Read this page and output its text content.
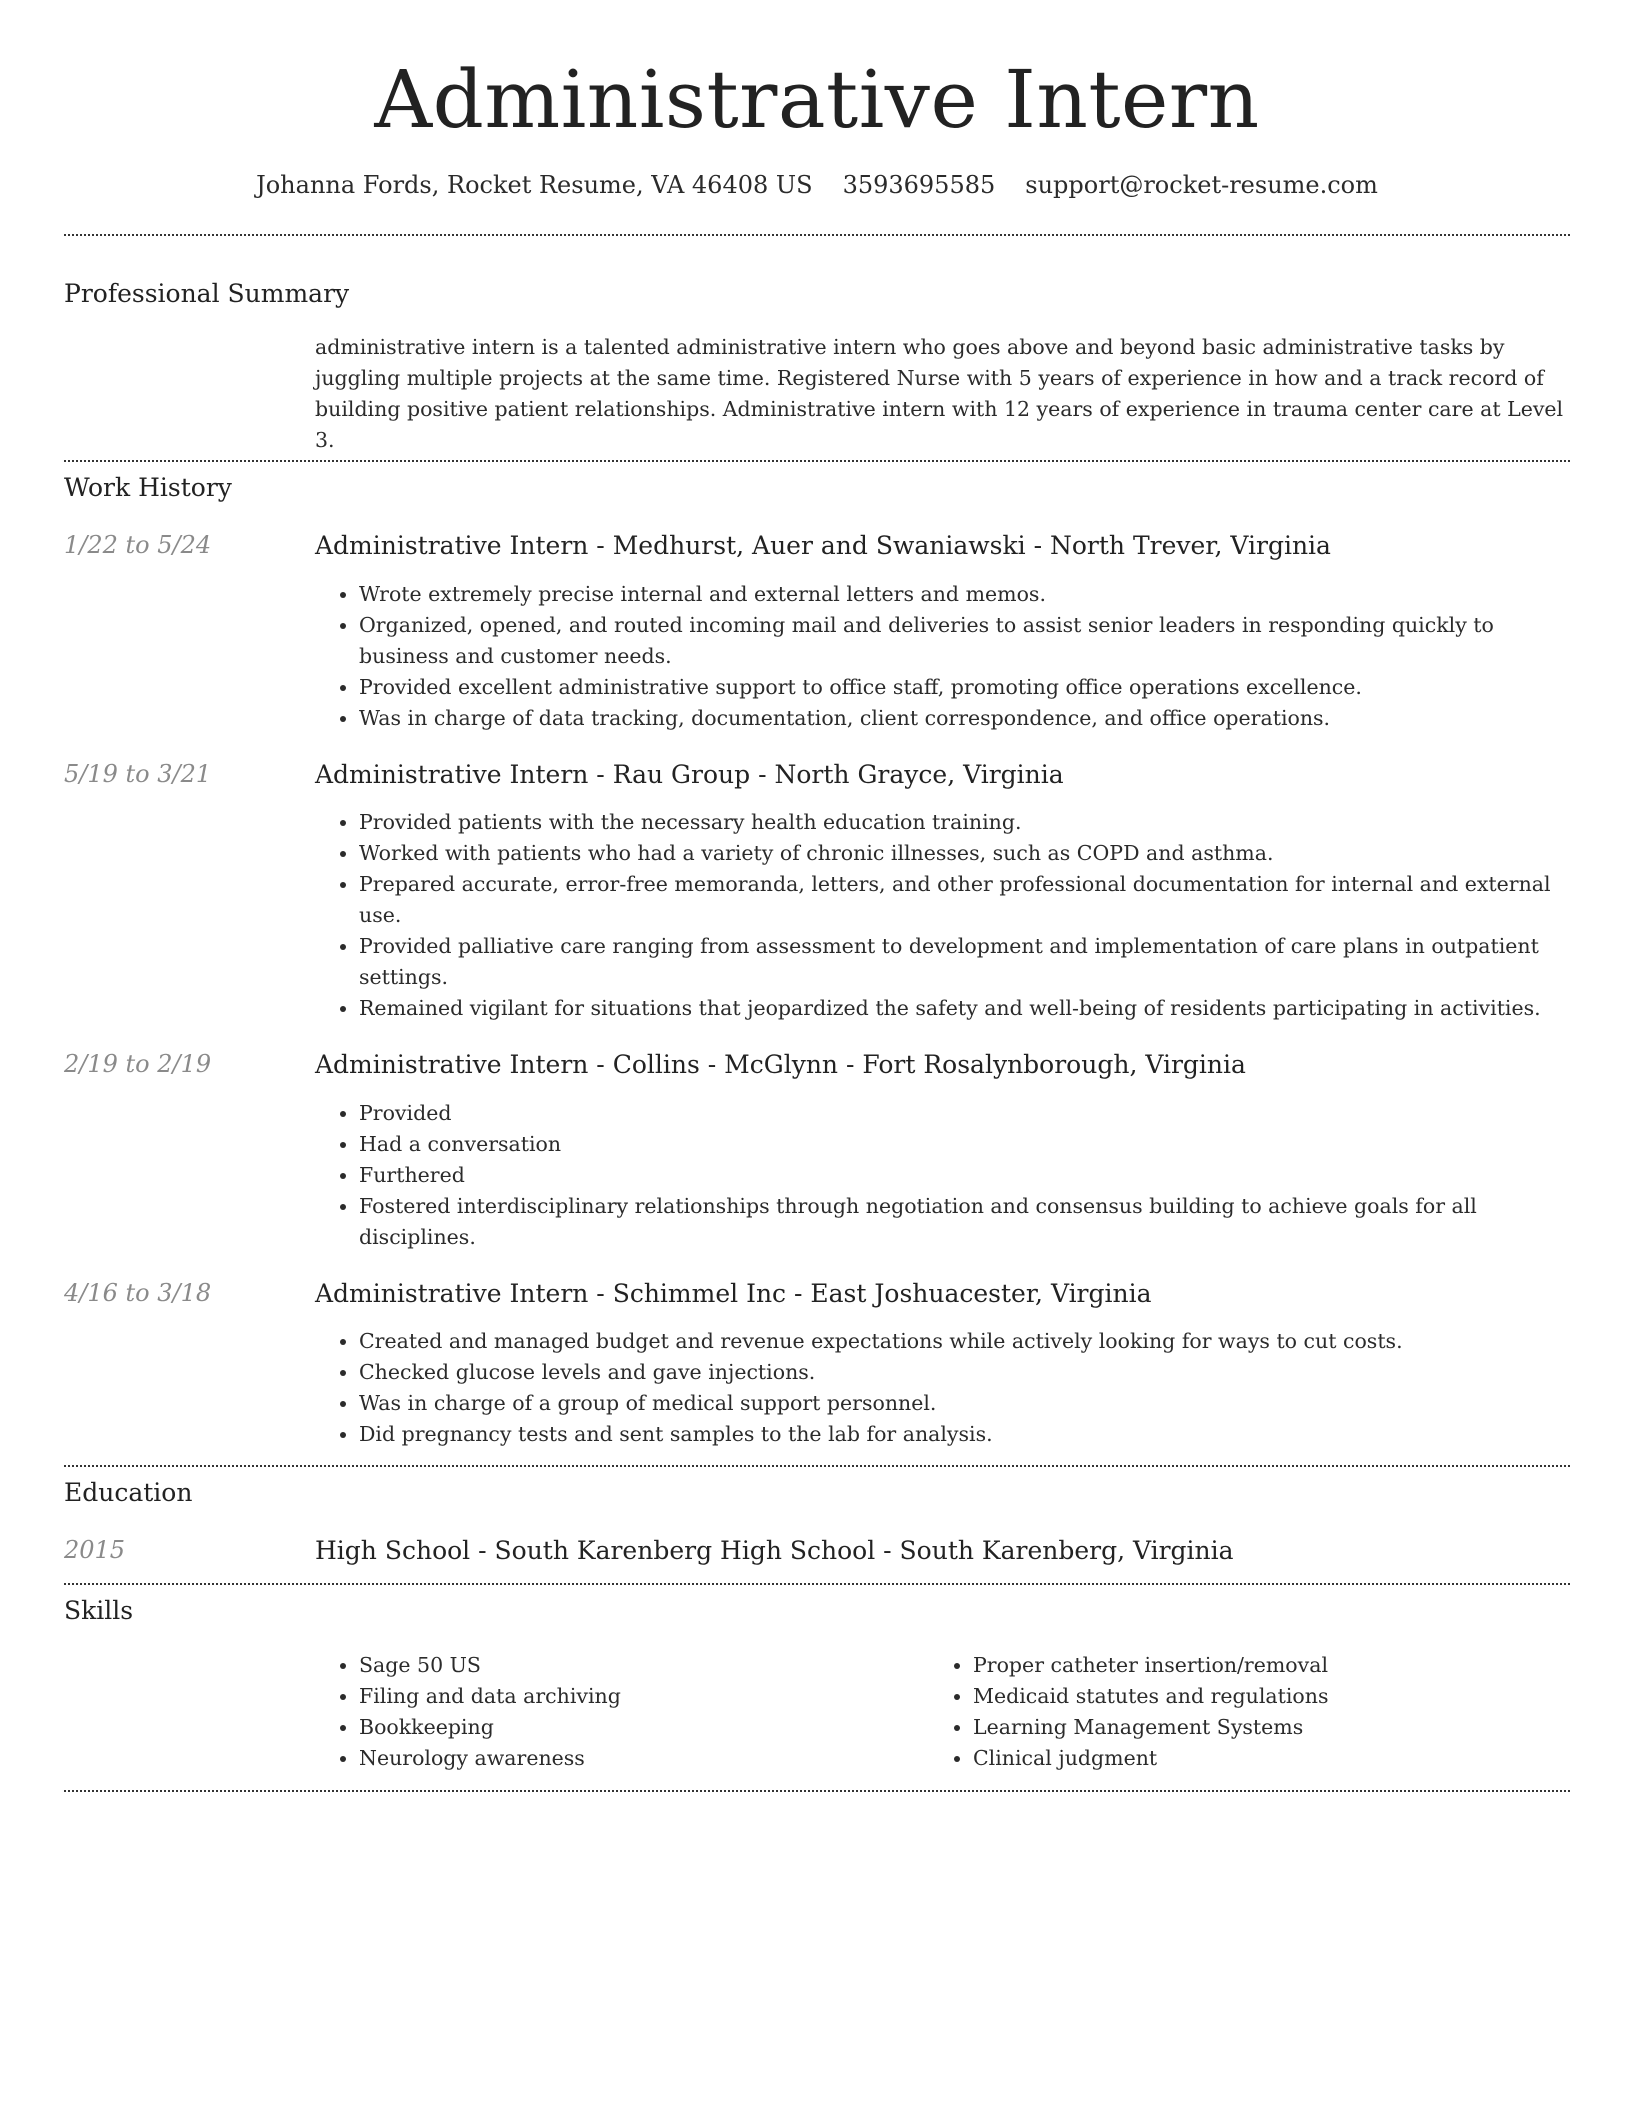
Administrative Intern
Johanna Fords, Rocket Resume, VA 46408 US 3593695585 support@rocket-resume.com
Professional Summary
administrative intern is a talented administrative intern who goes above and beyond basic administrative tasks by juggling multiple projects at the same time. Registered Nurse with 5 years of experience in how and a track record of building positive patient relationships. Administrative intern with 12 years of experience in trauma center care at Level 3.
Work History
1/22 to 5/24	Administrative Intern - Medhurst, Auer and Swaniawski - North Trever, Virginia
• Wrote extremely precise internal and external letters and memos.
• Organized, opened, and routed incoming mail and deliveries to assist senior leaders in responding quickly to business and customer needs.
• Provided excellent administrative support to office staff, promoting office operations excellence.
• Was in charge of data tracking, documentation, client correspondence, and office operations.
5/19 to 3/21	Administrative Intern - Rau Group - North Grayce, Virginia
• Provided patients with the necessary health education training.
• Worked with patients who had a variety of chronic illnesses, such as COPD and asthma.
• Prepared accurate, error-free memoranda, letters, and other professional documentation for internal and external use.
• Provided palliative care ranging from assessment to development and implementation of care plans in outpatient settings.
• Remained vigilant for situations that jeopardized the safety and well-being of residents participating in activities.
2/19 to 2/19	Administrative Intern - Collins - McGlynn - Fort Rosalynborough, Virginia
• Provided
• Had a conversation
• Furthered
• Fostered interdisciplinary relationships through negotiation and consensus building to achieve goals for all disciplines.
4/16 to 3/18	Administrative Intern - Schimmel Inc - East Joshuacester, Virginia
• Created and managed budget and revenue expectations while actively looking for ways to cut costs.
• Checked glucose levels and gave injections.
• Was in charge of a group of medical support personnel.
• Did pregnancy tests and sent samples to the lab for analysis.
Education
2015	High School - South Karenberg High School - South Karenberg, Virginia
Skills
• Sage 50 US
• Filing and data archiving
• Bookkeeping
• Neurology awareness
• Proper catheter insertion/removal
• Medicaid statutes and regulations
• Learning Management Systems
• Clinical judgment
